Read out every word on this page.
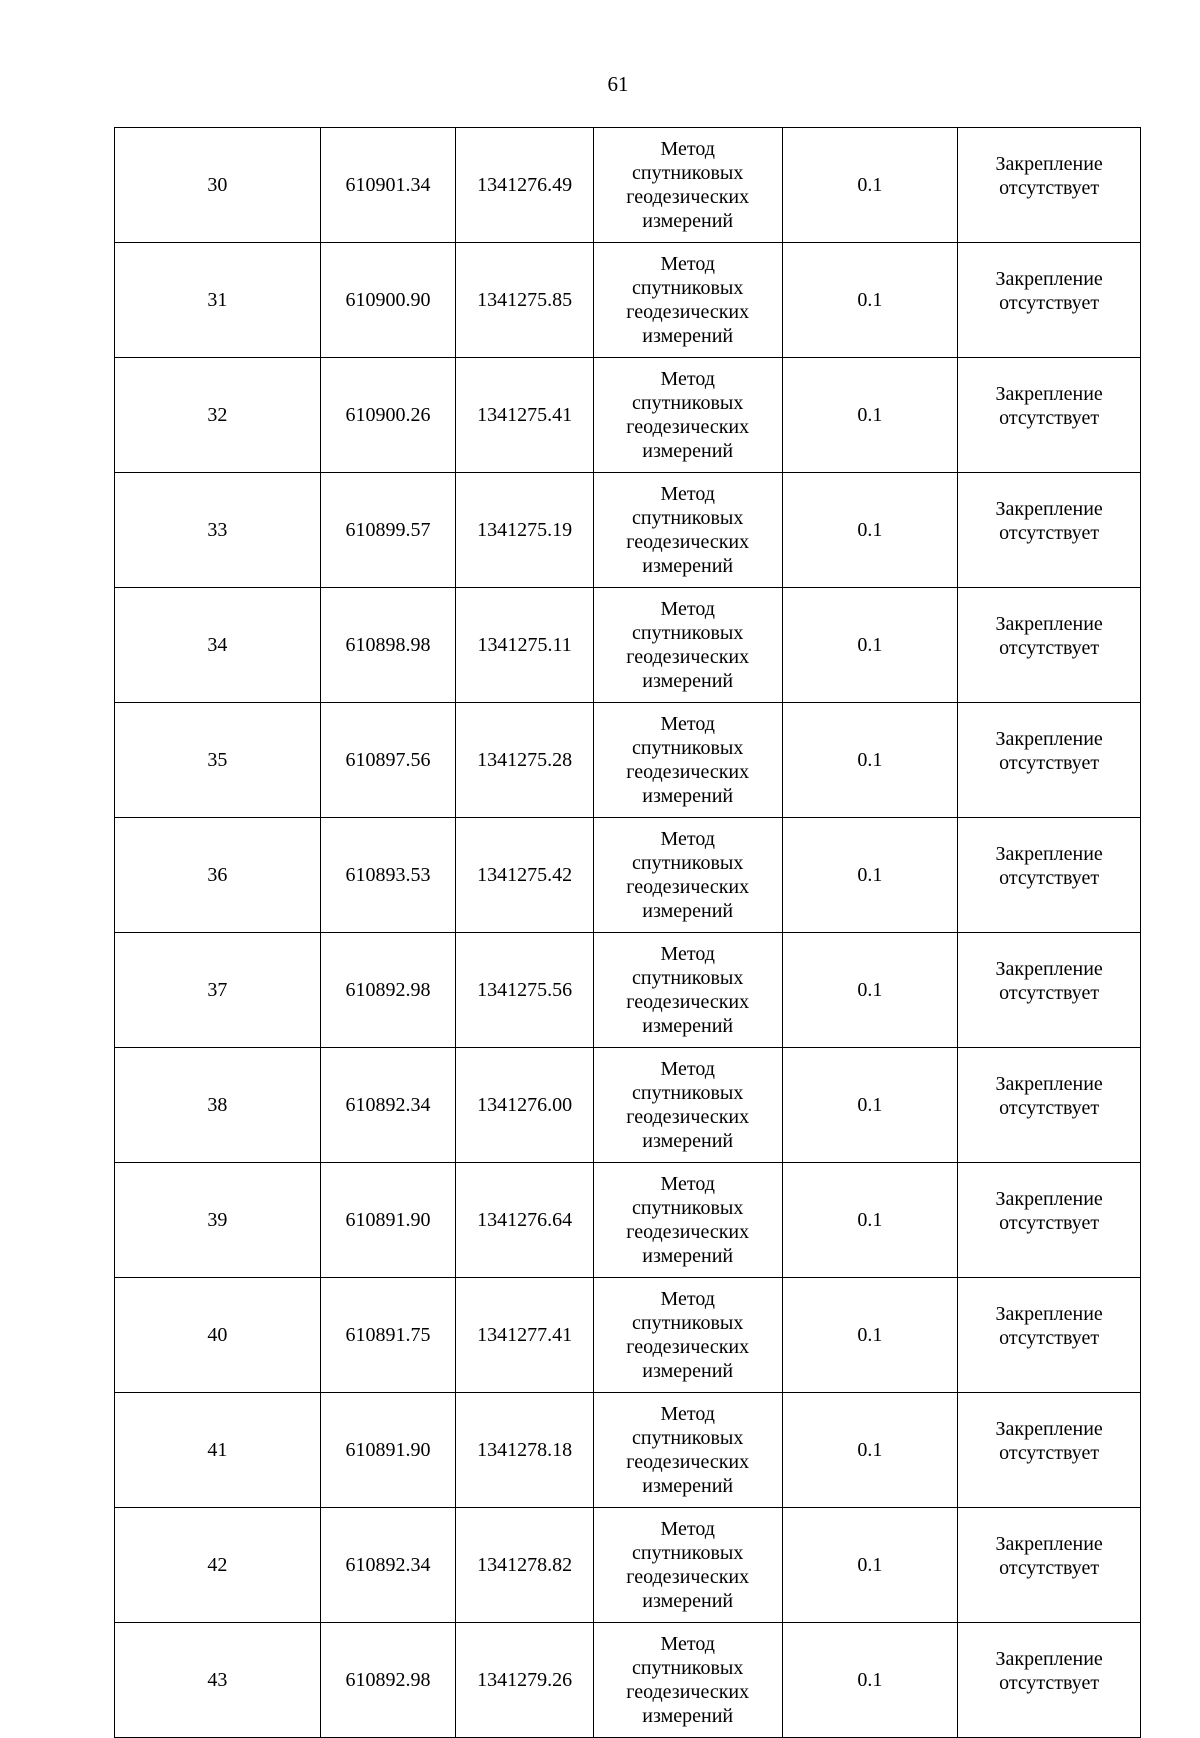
61
30	610901.34	1341276.49	Метод
спутниковых
геодезических
измерений	0.1	Закрепление
отсутствует

31	610900.90	1341275.85	Метод
спутниковых
геодезических
измерений	0.1	Закрепление
отсутствует

32	610900.26	1341275.41	Метод
спутниковых
геодезических
измерений	0.1	Закрепление
отсутствует

33	610899.57	1341275.19	Метод
спутниковых
геодезических
измерений	0.1	Закрепление
отсутствует

34	610898.98	1341275.11	Метод
спутниковых
геодезических
измерений	0.1	Закрепление
отсутствует

35	610897.56	1341275.28	Метод
спутниковых
геодезических
измерений	0.1	Закрепление
отсутствует

36	610893.53	1341275.42	Метод
спутниковых
геодезических
измерений	0.1	Закрепление
отсутствует

37	610892.98	1341275.56	Метод
спутниковых
геодезических
измерений	0.1	Закрепление
отсутствует

38	610892.34	1341276.00	Метод
спутниковых
геодезических
измерений	0.1	Закрепление
отсутствует

39	610891.90	1341276.64	Метод
спутниковых
геодезических
измерений	0.1	Закрепление
отсутствует

40	610891.75	1341277.41	Метод
спутниковых
геодезических
измерений	0.1	Закрепление
отсутствует

41	610891.90	1341278.18	Метод
спутниковых
геодезических
измерений	0.1	Закрепление
отсутствует

42	610892.34	1341278.82	Метод
спутниковых
геодезических
измерений	0.1	Закрепление
отсутствует

43	610892.98	1341279.26	Метод
спутниковых
геодезических
измерений	0.1	Закрепление
отсутствует
